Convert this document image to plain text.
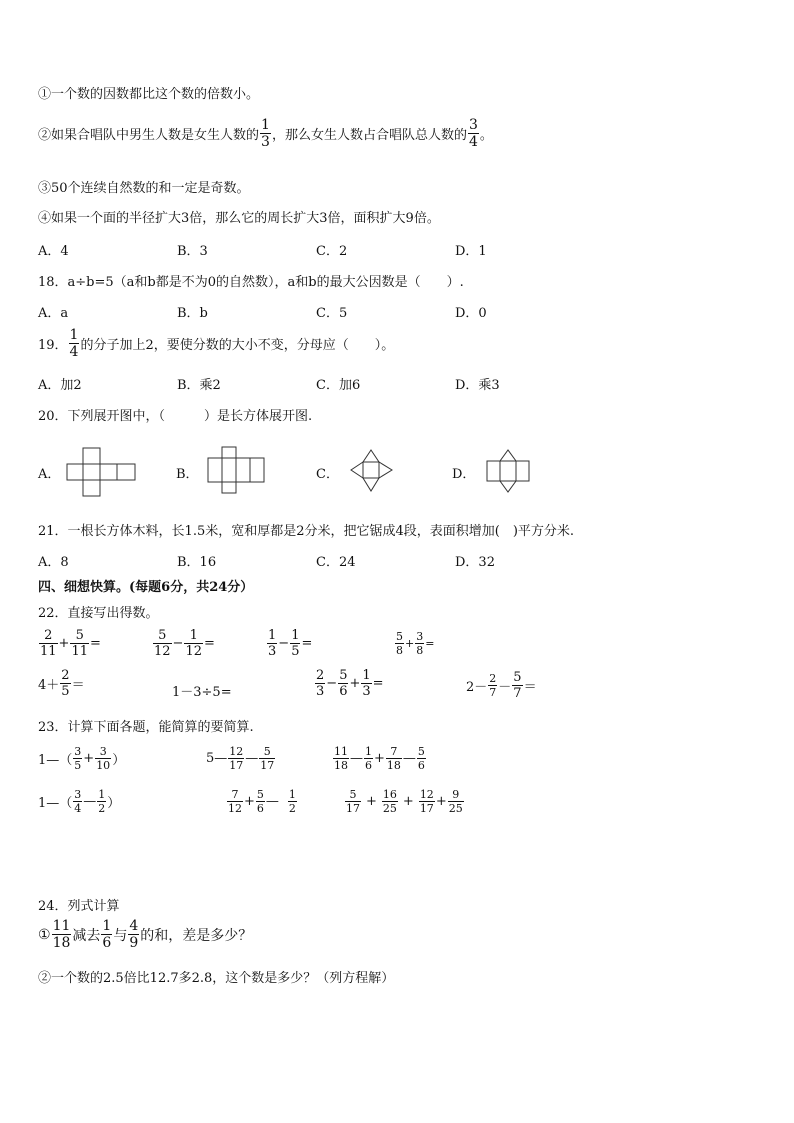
①一个数的因数都比这个数的倍数小。
②如果合唱队中男生人数是女生人数的 $\frac{1}{3}$ ，那么女生人数占合唱队总人数的 $\frac{3}{4}$ 。
③50个连续自然数的和一定是奇数。
④如果一个面的半径扩大3倍，那么它的周长扩大3倍，面积扩大9倍。
A．4	B．3	C．2	D．1
18．a÷b=5（a和b都是不为0的自然数），a和b的最大公因数是（　　）.
A．a	B．b	C．5	D．0
19． $\frac{1}{4}$ 的分子加上2，要使分数的大小不变，分母应（　　）。
A．加2	B．乘2	C．加6	D．乘3
20．下列展开图中，（　　　）是长方体展开图.
A．	B．	C．	D．
21．一根长方体木料，长1.5米，宽和厚都是2分米，把它锯成4段，表面积增加(　)平方分米.
A．8	B．16	C．24	D．32
四、细想快算。(每题6分，共24分）
22．直接写出得数。
$\frac{2}{11} + \frac{5}{11}$ =	$\frac{5}{12} - \frac{1}{12}$ =	$\frac{1}{3} - \frac{1}{5}$ =	$\frac{5}{8} + \frac{3}{8}$ =
$4+ \frac{2}{5}$ ＝	1－3÷5=	$\frac{2}{3} - \frac{5}{6} + \frac{1}{3}$ =	$2- \frac{2}{7} - \frac{5}{7}$ ＝
23．计算下面各题，能简算的要简算.
1—（ $\frac{3}{5} + \frac{3}{10}$ ）	5— $\frac{12}{17}$ — $\frac{5}{17}$	$\frac{11}{18}$ — $\frac{1}{6} + \frac{7}{18}$ — $\frac{5}{6}$
1—（ $\frac{3}{4}$ — $\frac{1}{2}$ ）	$\frac{7}{12} + \frac{5}{6}$ — $\frac{1}{2}$	$\frac{5}{17} + \frac{16}{25} + \frac{12}{17} + \frac{9}{25}$
24．列式计算
① $\frac{11}{18}$ 减去 $\frac{1}{6}$ 与 $\frac{4}{9}$ 的和，差是多少？
②一个数的2.5倍比12.7多2.8，这个数是多少？（列方程解）
